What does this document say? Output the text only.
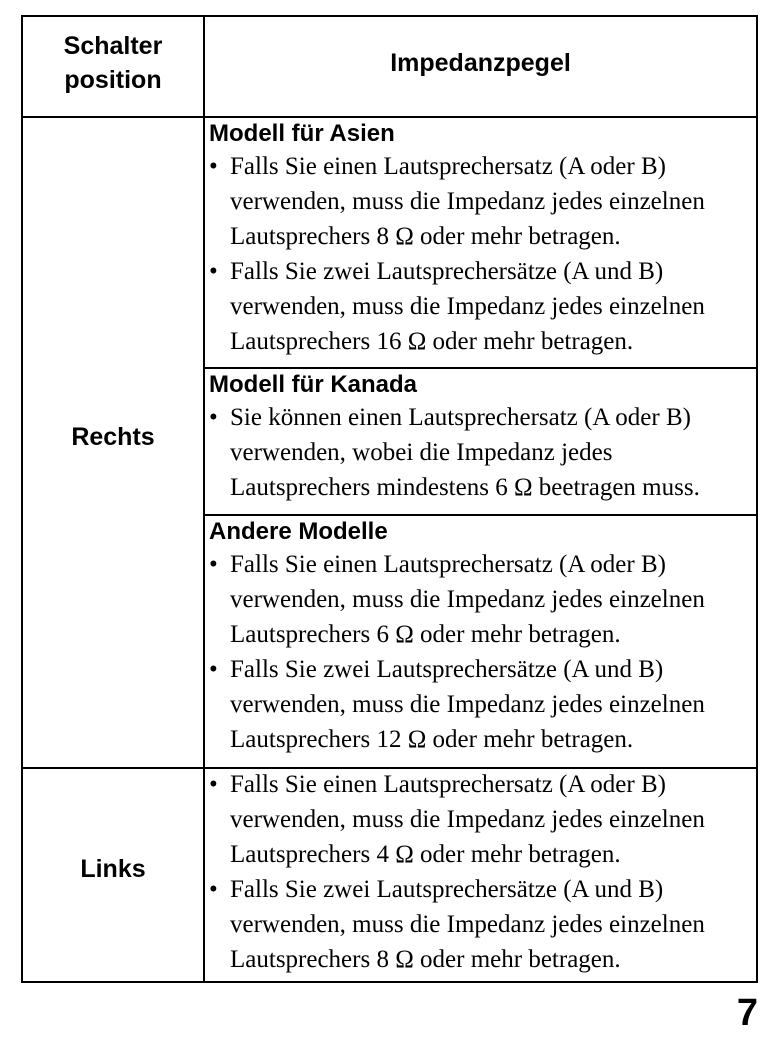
Schalter
position
Impedanzpegel
Rechts
Links
Modell für Asien
• Falls Sie einen Lautsprechersatz (A oder B)
verwenden, muss die Impedanz jedes einzelnen
Lautsprechers 8 Ω oder mehr betragen.
• Falls Sie zwei Lautsprechersätze (A und B)
verwenden, muss die Impedanz jedes einzelnen
Lautsprechers 16 Ω oder mehr betragen.
Modell für Kanada
• Sie können einen Lautsprechersatz (A oder B)
verwenden, wobei die Impedanz jedes
Lautsprechers mindestens 6 Ω beetragen muss.
Andere Modelle
• Falls Sie einen Lautsprechersatz (A oder B)
verwenden, muss die Impedanz jedes einzelnen
Lautsprechers 6 Ω oder mehr betragen.
• Falls Sie zwei Lautsprechersätze (A und B)
verwenden, muss die Impedanz jedes einzelnen
Lautsprechers 12 Ω oder mehr betragen.
• Falls Sie einen Lautsprechersatz (A oder B)
verwenden, muss die Impedanz jedes einzelnen
Lautsprechers 4 Ω oder mehr betragen.
• Falls Sie zwei Lautsprechersätze (A und B)
verwenden, muss die Impedanz jedes einzelnen
Lautsprechers 8 Ω oder mehr betragen.
7
